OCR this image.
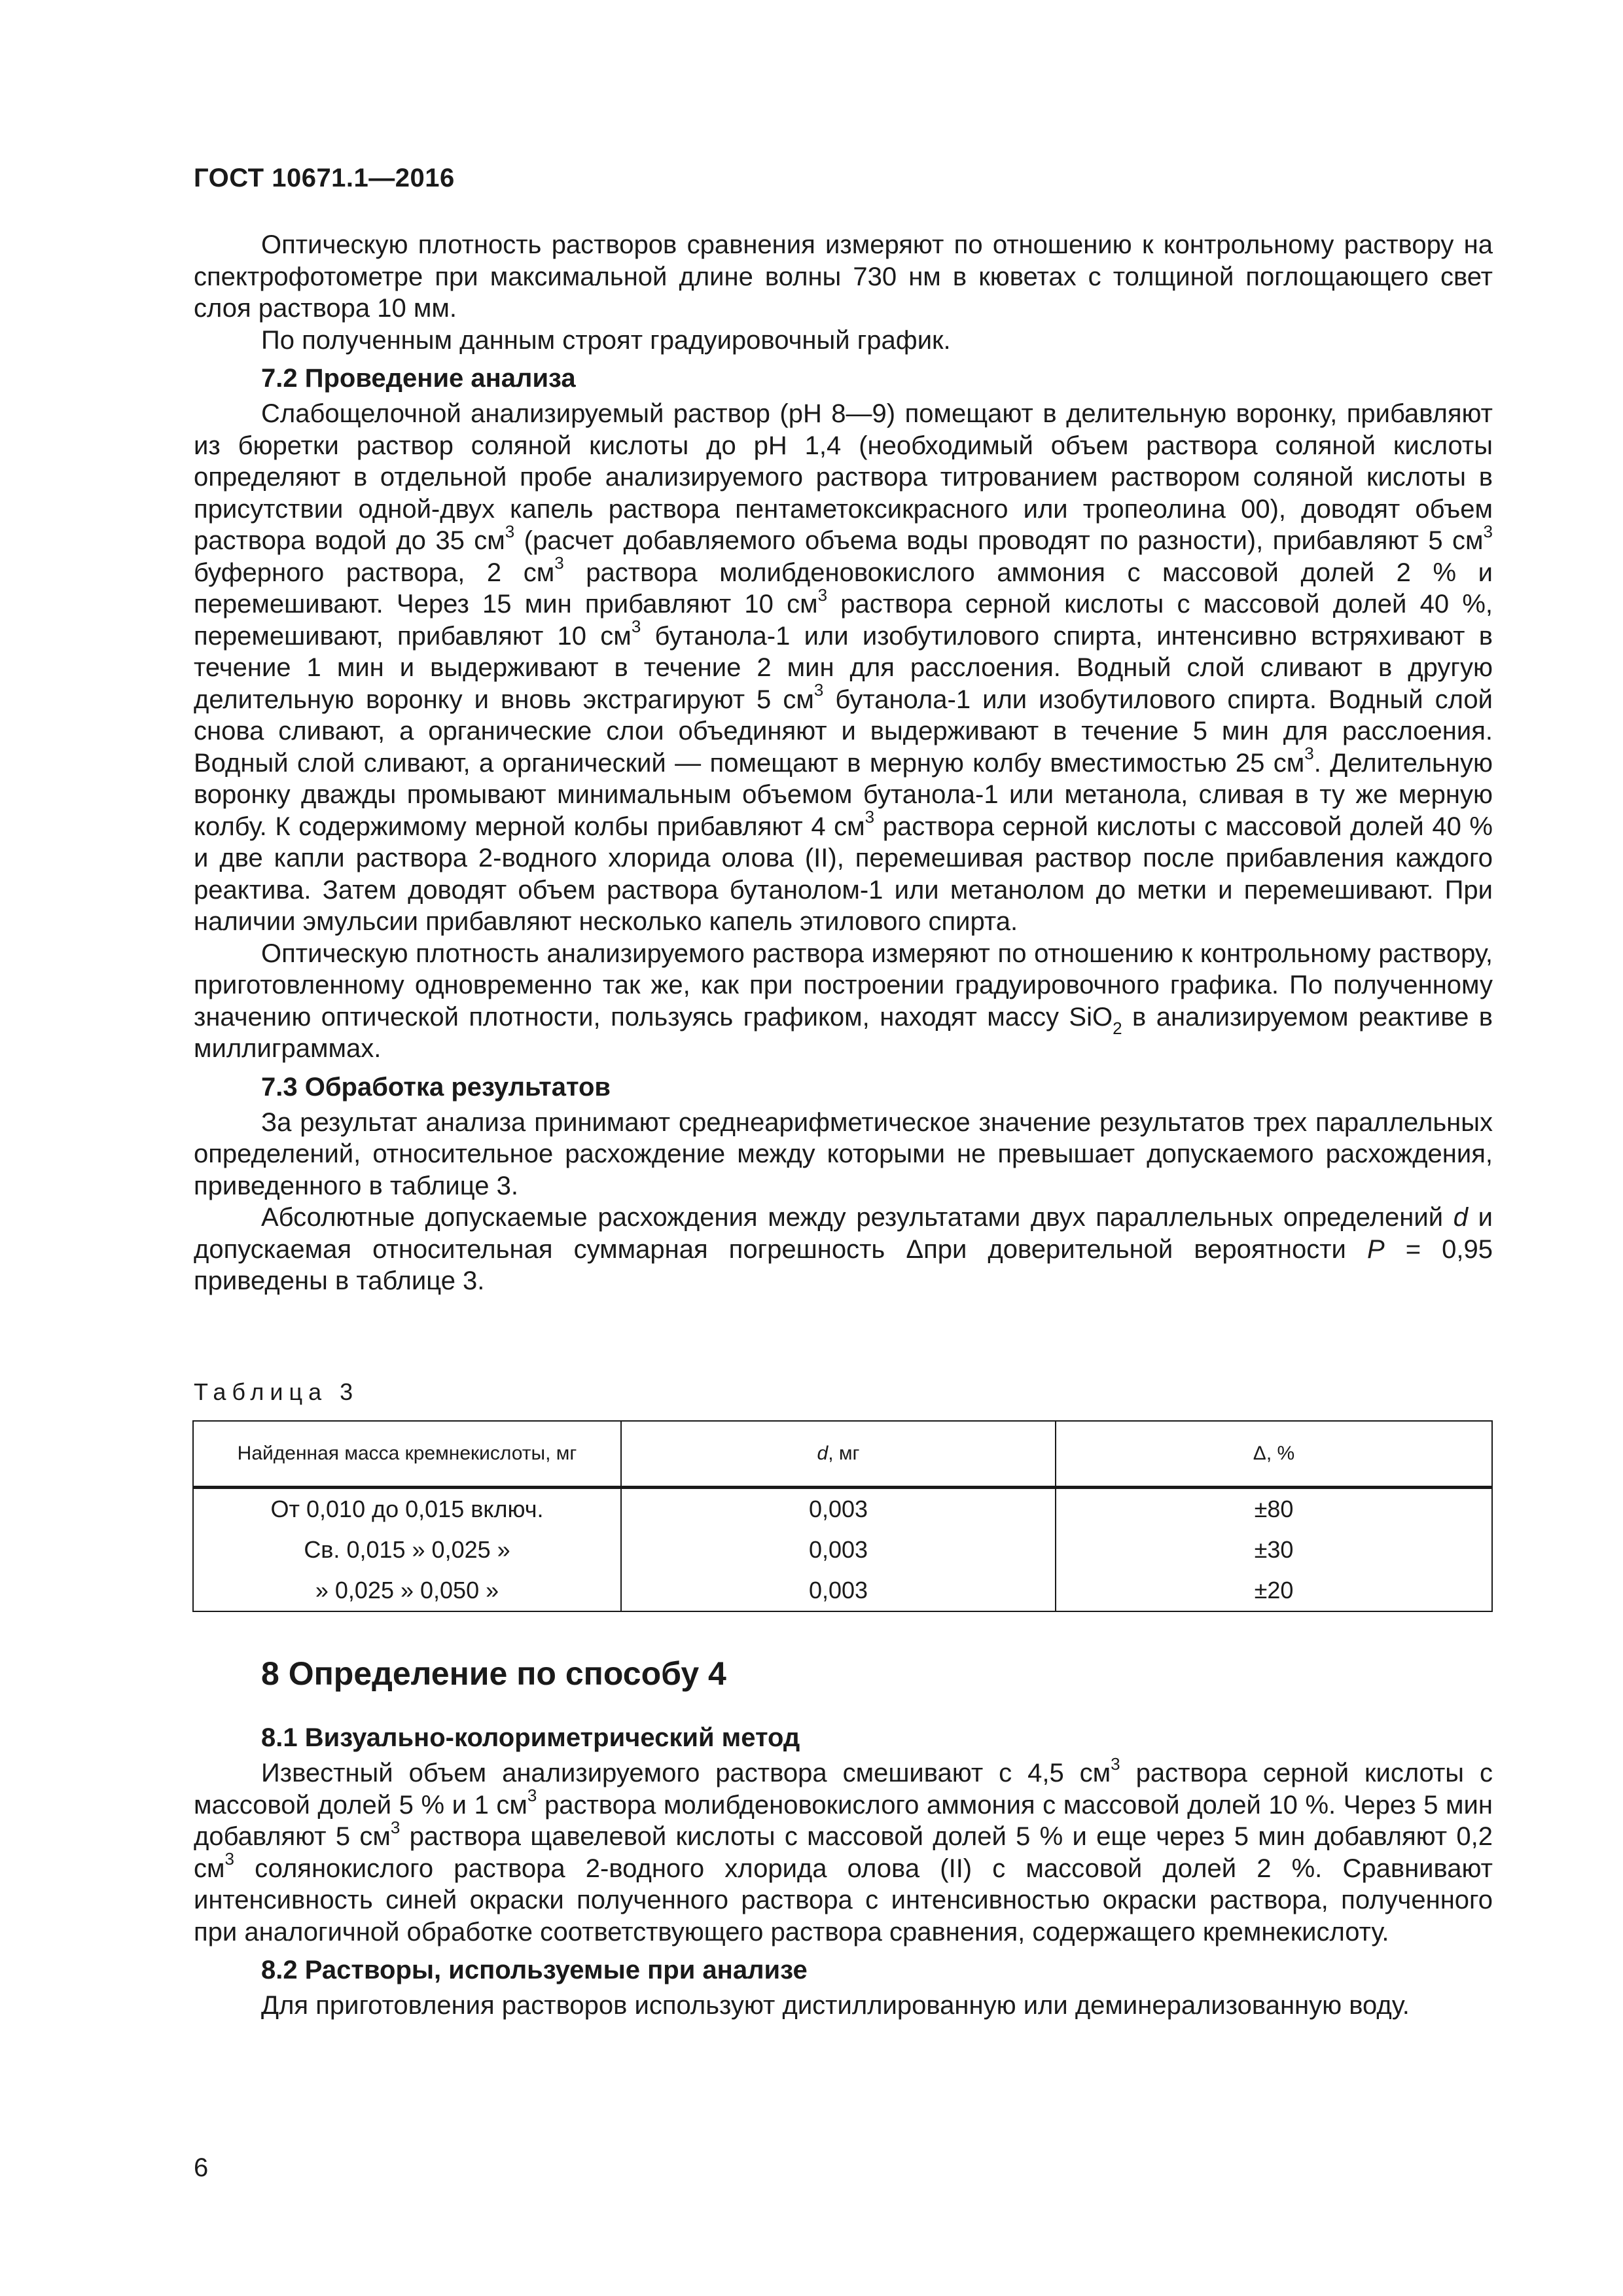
ГОСТ 10671.1—2016

Оптическую плотность растворов сравнения измеряют по отношению к контрольному раствору на спектрофотометре при максимальной длине волны 730 нм в кюветах с толщиной поглощающего свет слоя раствора 10 мм.

По полученным данным строят градуировочный график.

7.2 Проведение анализа

Слабощелочной анализируемый раствор (pH 8—9) помещают в делительную воронку, прибавляют из бюретки раствор соляной кислоты до pH 1,4 (необходимый объем раствора соляной кислоты определяют в отдельной пробе анализируемого раствора титрованием раствором соляной кислоты в присутствии одной-двух капель раствора пентаметоксикрасного или тропеолина 00), доводят объем раствора водой до 35 $см^3$ (расчет добавляемого объема воды проводят по разности), прибавляют 5 $см^3$ буферного раствора, 2 $см^3$ раствора молибденовокислого аммония с массовой долей 2 % и перемешивают. Через 15 мин прибавляют 10 $см^3$ раствора серной кислоты с массовой долей 40 %, перемешивают, прибавляют 10 $см^3$ бутанола-1 или изобутилового спирта, интенсивно встряхивают в течение 1 мин и выдерживают в течение 2 мин для расслоения. Водный слой сливают в другую делительную воронку и вновь экстрагируют 5 $см^3$ бутанола-1 или изобутилового спирта. Водный слой снова сливают, а органические слои объединяют и выдерживают в течение 5 мин для расслоения. Водный слой сливают, а органический — помещают в мерную колбу вместимостью 25 $см^3$. Делительную воронку дважды промывают минимальным объемом бутанола-1 или метанола, сливая в ту же мерную колбу. К содержимому мерной колбы прибавляют 4 $см^3$ раствора серной кислоты с массовой долей 40 % и две капли раствора 2-водного хлорида олова (II), перемешивая раствор после прибавления каждого реактива. Затем доводят объем раствора бутанолом-1 или метанолом до метки и перемешивают. При наличии эмульсии прибавляют несколько капель этилового спирта.

Оптическую плотность анализируемого раствора измеряют по отношению к контрольному раствору, приготовленному одновременно так же, как при построении градуировочного графика. По полученному значению оптической плотности, пользуясь графиком, находят массу SiO$_2$ в анализируемом реактиве в миллиграммах.

7.3 Обработка результатов

За результат анализа принимают среднеарифметическое значение результатов трех параллельных определений, относительное расхождение между которыми не превышает допускаемого расхождения, приведенного в таблице 3.

Абсолютные допускаемые расхождения между результатами двух параллельных определений d и допускаемая относительная суммарная погрешность Δпри доверительной вероятности P = 0,95 приведены в таблице 3.

Таблица 3
Найденная масса кремнекислоты, мг	d, мг	Δ, %
От 0,010 до 0,015 включ.	0,003	±80
Св. 0,015 » 0,025 »	0,003	±30
» 0,025 » 0,050 »	0,003	±20
8 Определение по способу 4
8.1 Визуально-колориметрический метод

Известный объем анализируемого раствора смешивают с 4,5 $см^3$ раствора серной кислоты с массовой долей 5 % и 1 $см^3$ раствора молибденовокислого аммония с массовой долей 10 %. Через 5 мин добавляют 5 $см^3$ раствора щавелевой кислоты с массовой долей 5 % и еще через 5 мин добавляют 0,2 $см^3$ солянокислого раствора 2-водного хлорида олова (II) с массовой долей 2 %. Сравнивают интенсивность синей окраски полученного раствора с интенсивностью окраски раствора, полученного при аналогичной обработке соответствующего раствора сравнения, содержащего кремнекислоту.

8.2 Растворы, используемые при анализе

Для приготовления растворов используют дистиллированную или деминерализованную воду.

6
